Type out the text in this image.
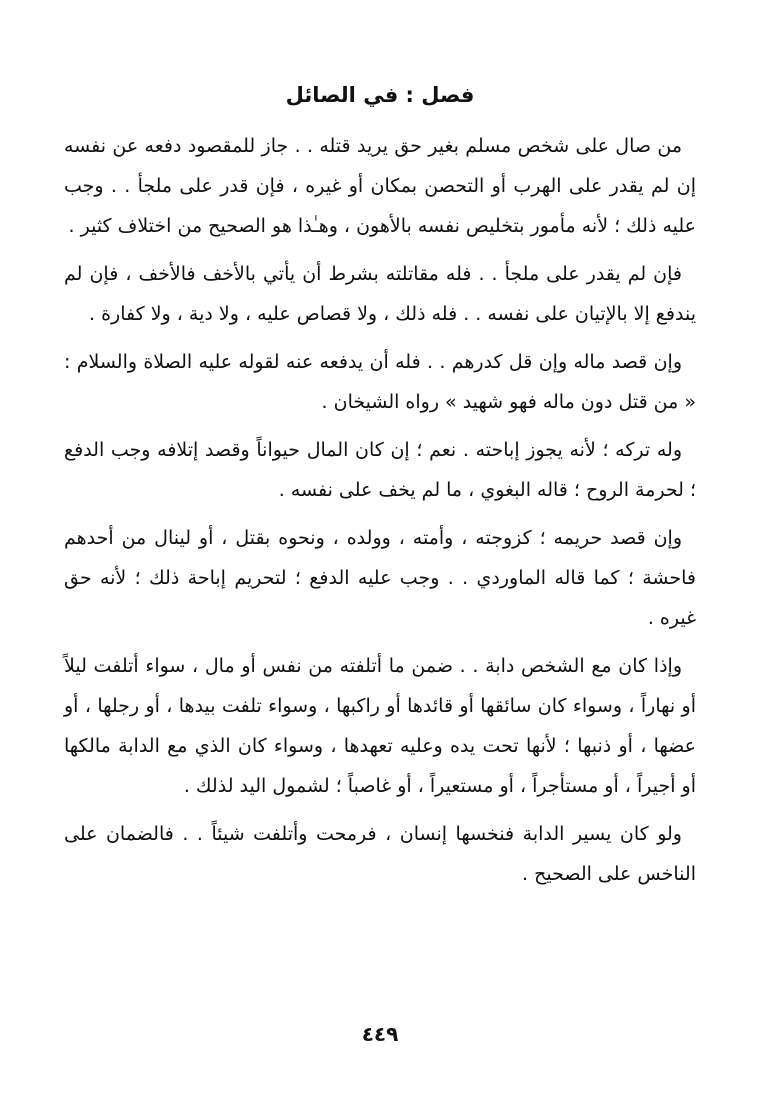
فصل : في الصائل
من صال على شخص مسلم بغير حق يريد قتله . . جاز للمقصود دفعه عن نفسه إن لم يقدر على الهرب أو التحصن بمكان أو غيره ، فإن قدر على ملجأ . . وجب عليه ذلك ؛ لأنه مأمور بتخليص نفسه بالأهون ، وهـٰذا هو الصحيح من اختلاف كثير .
فإن لم يقدر على ملجأ . . فله مقاتلته بشرط أن يأتي بالأخف فالأخف ، فإن لم يندفع إلا بالإتيان على نفسه . . فله ذلك ، ولا قصاص عليه ، ولا دية ، ولا كفارة .
وإن قصد ماله وإن قل كدرهم . . فله أن يدفعه عنه لقوله عليه الصلاة والسلام : « من قتل دون ماله فهو شهيد » رواه الشيخان .
وله تركه ؛ لأنه يجوز إباحته . نعم ؛ إن كان المال حيواناً وقصد إتلافه وجب الدفع ؛ لحرمة الروح ؛ قاله البغوي ، ما لم يخف على نفسه .
وإن قصد حريمه ؛ كزوجته ، وأمته ، وولده ، ونحوه بقتل ، أو لينال من أحدهم فاحشة ؛ كما قاله الماوردي . . وجب عليه الدفع ؛ لتحريم إباحة ذلك ؛ لأنه حق غيره .
وإذا كان مع الشخص دابة . . ضمن ما أتلفته من نفس أو مال ، سواء أتلفت ليلاً أو نهاراً ، وسواء كان سائقها أو قائدها أو راكبها ، وسواء تلفت بيدها ، أو رجلها ، أو عضها ، أو ذنبها ؛ لأنها تحت يده وعليه تعهدها ، وسواء كان الذي مع الدابة مالكها أو أجيراً ، أو مستأجراً ، أو مستعيراً ، أو غاصباً ؛ لشمول اليد لذلك .
ولو كان يسير الدابة فنخسها إنسان ، فرمحت وأتلفت شيئاً . . فالضمان على الناخس على الصحيح .
٤٤٩
